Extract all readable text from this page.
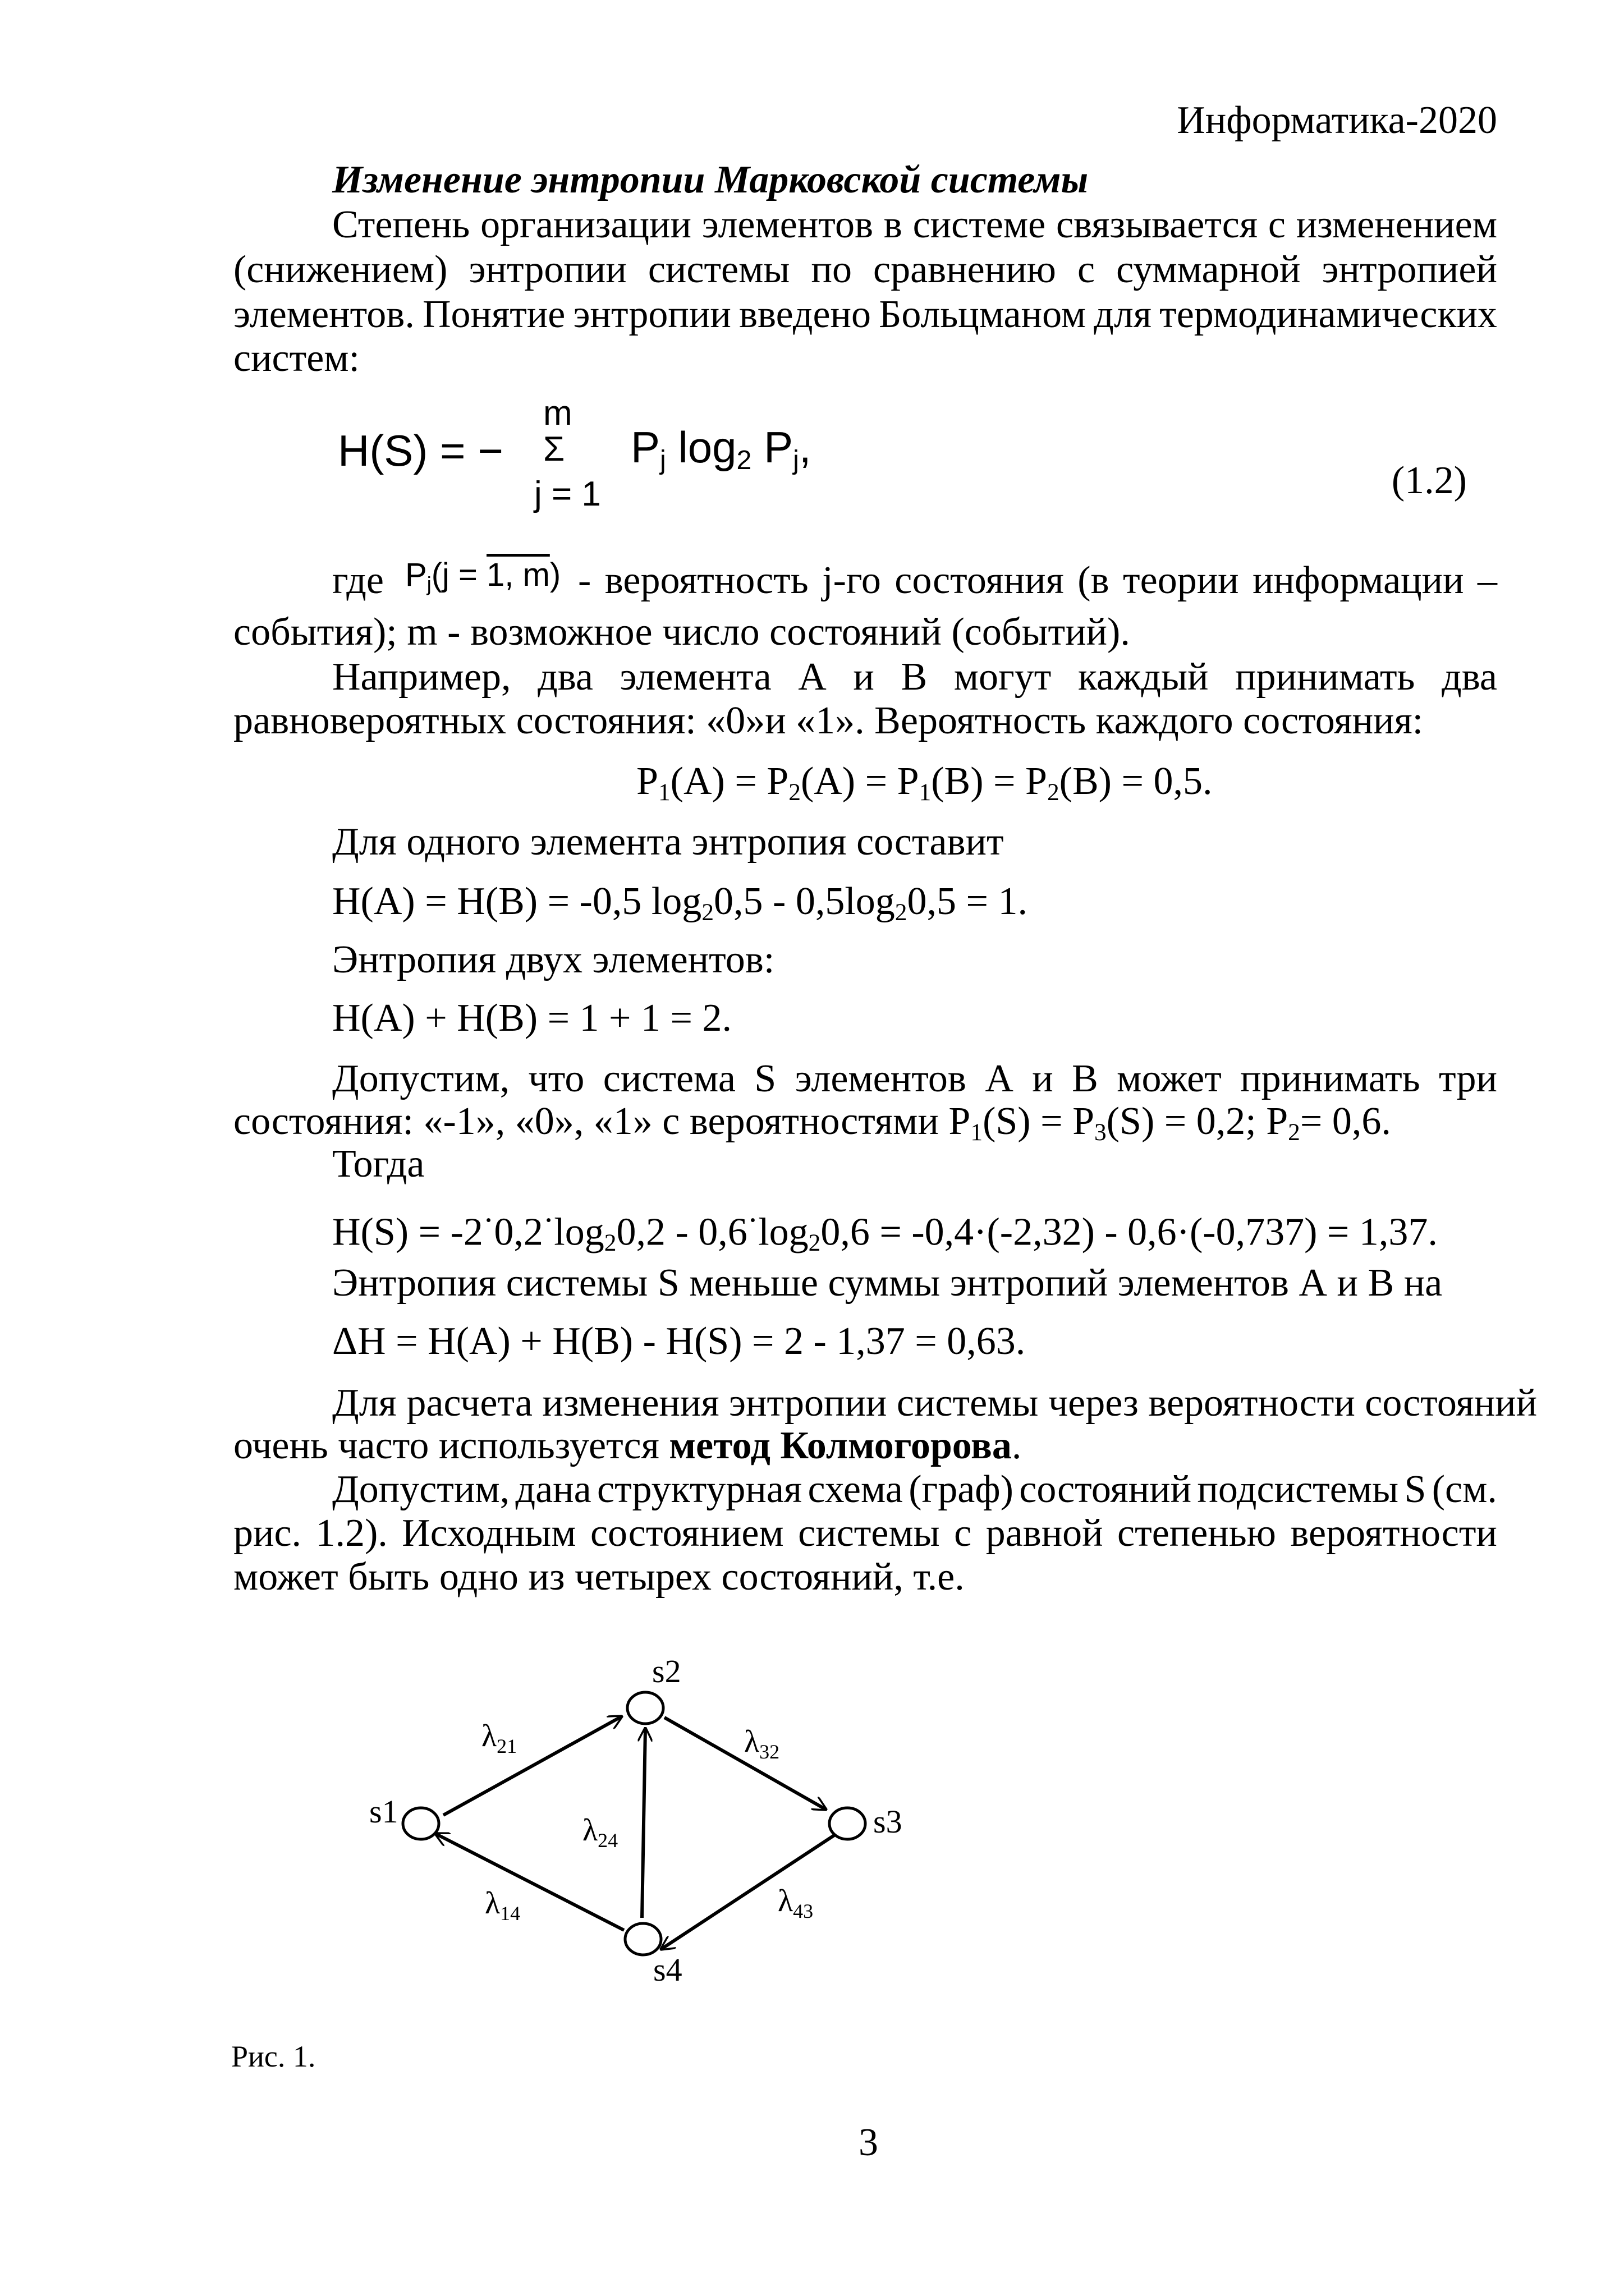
Информатика-2020
Изменение энтропии Марковской системы
Степень организации элементов в системе связывается с изменением
(снижением) энтропии системы по сравнению с суммарной энтропией
элементов. Понятие энтропии введено Больцманом для термодинамических
систем:
H(S) = −
m
Σ
j = 1
$P_j$ $\log_2 P_j$,
(1.2)
где $P_j(j = 1$, m) - вероятность j-го состояния (в теории информации –
события); m - возможное число состояний (событий).
Например, два элемента А и В могут каждый принимать два
равновероятных состояния: «0»и «1». Вероятность каждого состояния:
$P_1(A) = P_2(A) = P_1(B) = P_2(B) = 0,5$.
Для одного элемента энтропия составит
H(A) = H(B) = -0,5 $\log_20,5 - 0,5\log_20,5 = 1$.
Энтропия двух элементов:
H(A) + H(B) = 1 + 1 = 2.
Допустим, что система S элементов А и В может принимать три
состояния: «-1», «0», «1» с вероятностями $P_1(S) = P_3(S) = 0,2$; $P_2= 0,6$.
Тогда
$H(S) = -2^\cdot 0,2^\cdot\log_20,2 - 0,6^\cdot\log_20,6 = -0,4\cdot(-2,32) - 0,6\cdot(-0,737) = 1,37$.
Энтропия системы S меньше суммы энтропий элементов А и В на
ΔH = H(A) + H(B) - H(S) = 2 - 1,37 = 0,63.
Для расчета изменения энтропии системы через вероятности состояний
очень часто используется метод Колмогорова.
Допустим, дана структурная схема (граф) состояний подсистемы S (см.
рис. 1.2). Исходным состоянием системы с равной степенью вероятности
может быть одно из четырех состояний, т.е.
s1
s2
s3
s4
$\lambda_{21}$	$\lambda_{32}$
$\lambda_{24}$
$\lambda_{14}$	$\lambda_{43}$
Рис. 1.
3
